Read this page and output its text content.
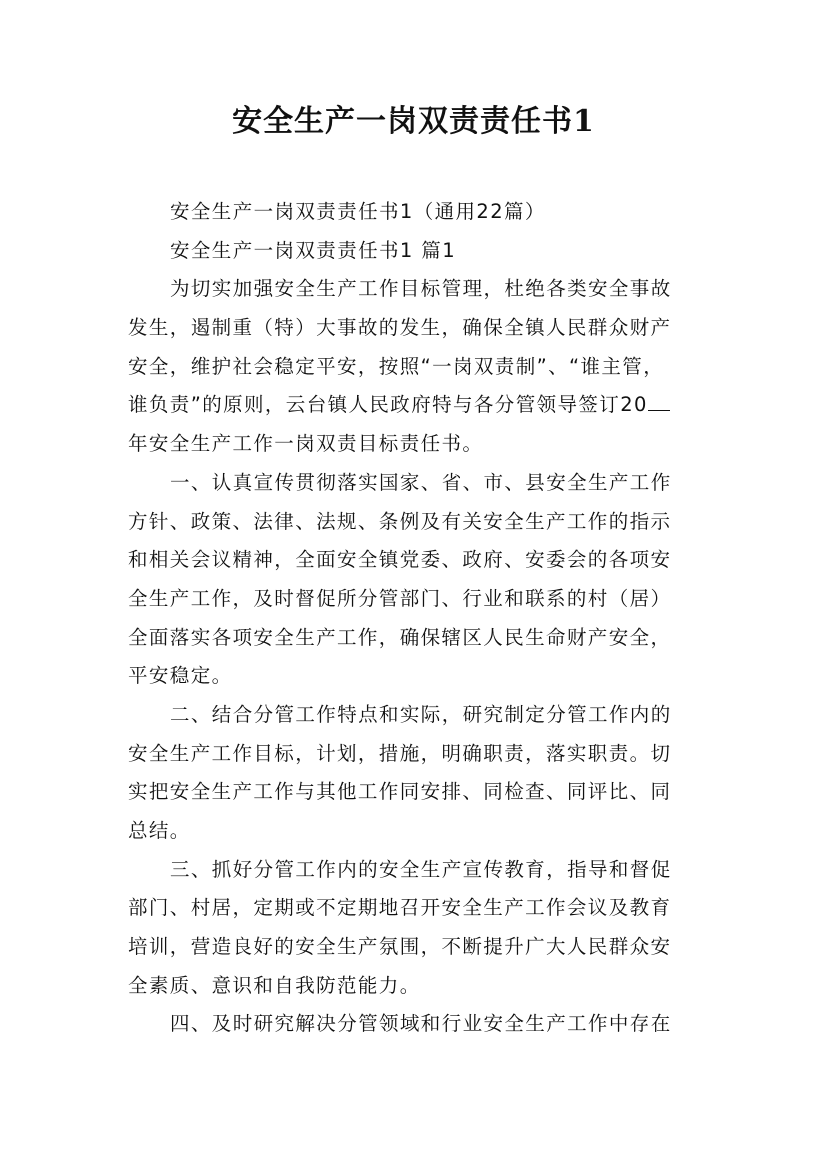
安全生产一岗双责责任书1
安全生产一岗双责责任书1（通用22篇）
安全生产一岗双责责任书1 篇1
为切实加强安全生产工作目标管理，杜绝各类安全事故
发生，遏制重（特）大事故的发生，确保全镇人民群众财产
安全，维护社会稳定平安，按照“一岗双责制”、“谁主管，
谁负责”的原则，云台镇人民政府特与各分管领导签订20
年安全生产工作一岗双责目标责任书。
一、认真宣传贯彻落实国家、省、市、县安全生产工作
方针、政策、法律、法规、条例及有关安全生产工作的指示
和相关会议精神，全面安全镇党委、政府、安委会的各项安
全生产工作，及时督促所分管部门、行业和联系的村（居）
全面落实各项安全生产工作，确保辖区人民生命财产安全，
平安稳定。
二、结合分管工作特点和实际，研究制定分管工作内的
安全生产工作目标，计划，措施，明确职责，落实职责。切
实把安全生产工作与其他工作同安排、同检查、同评比、同
总结。
三、抓好分管工作内的安全生产宣传教育，指导和督促
部门、村居，定期或不定期地召开安全生产工作会议及教育
培训，营造良好的安全生产氛围，不断提升广大人民群众安
全素质、意识和自我防范能力。
四、及时研究解决分管领域和行业安全生产工作中存在
